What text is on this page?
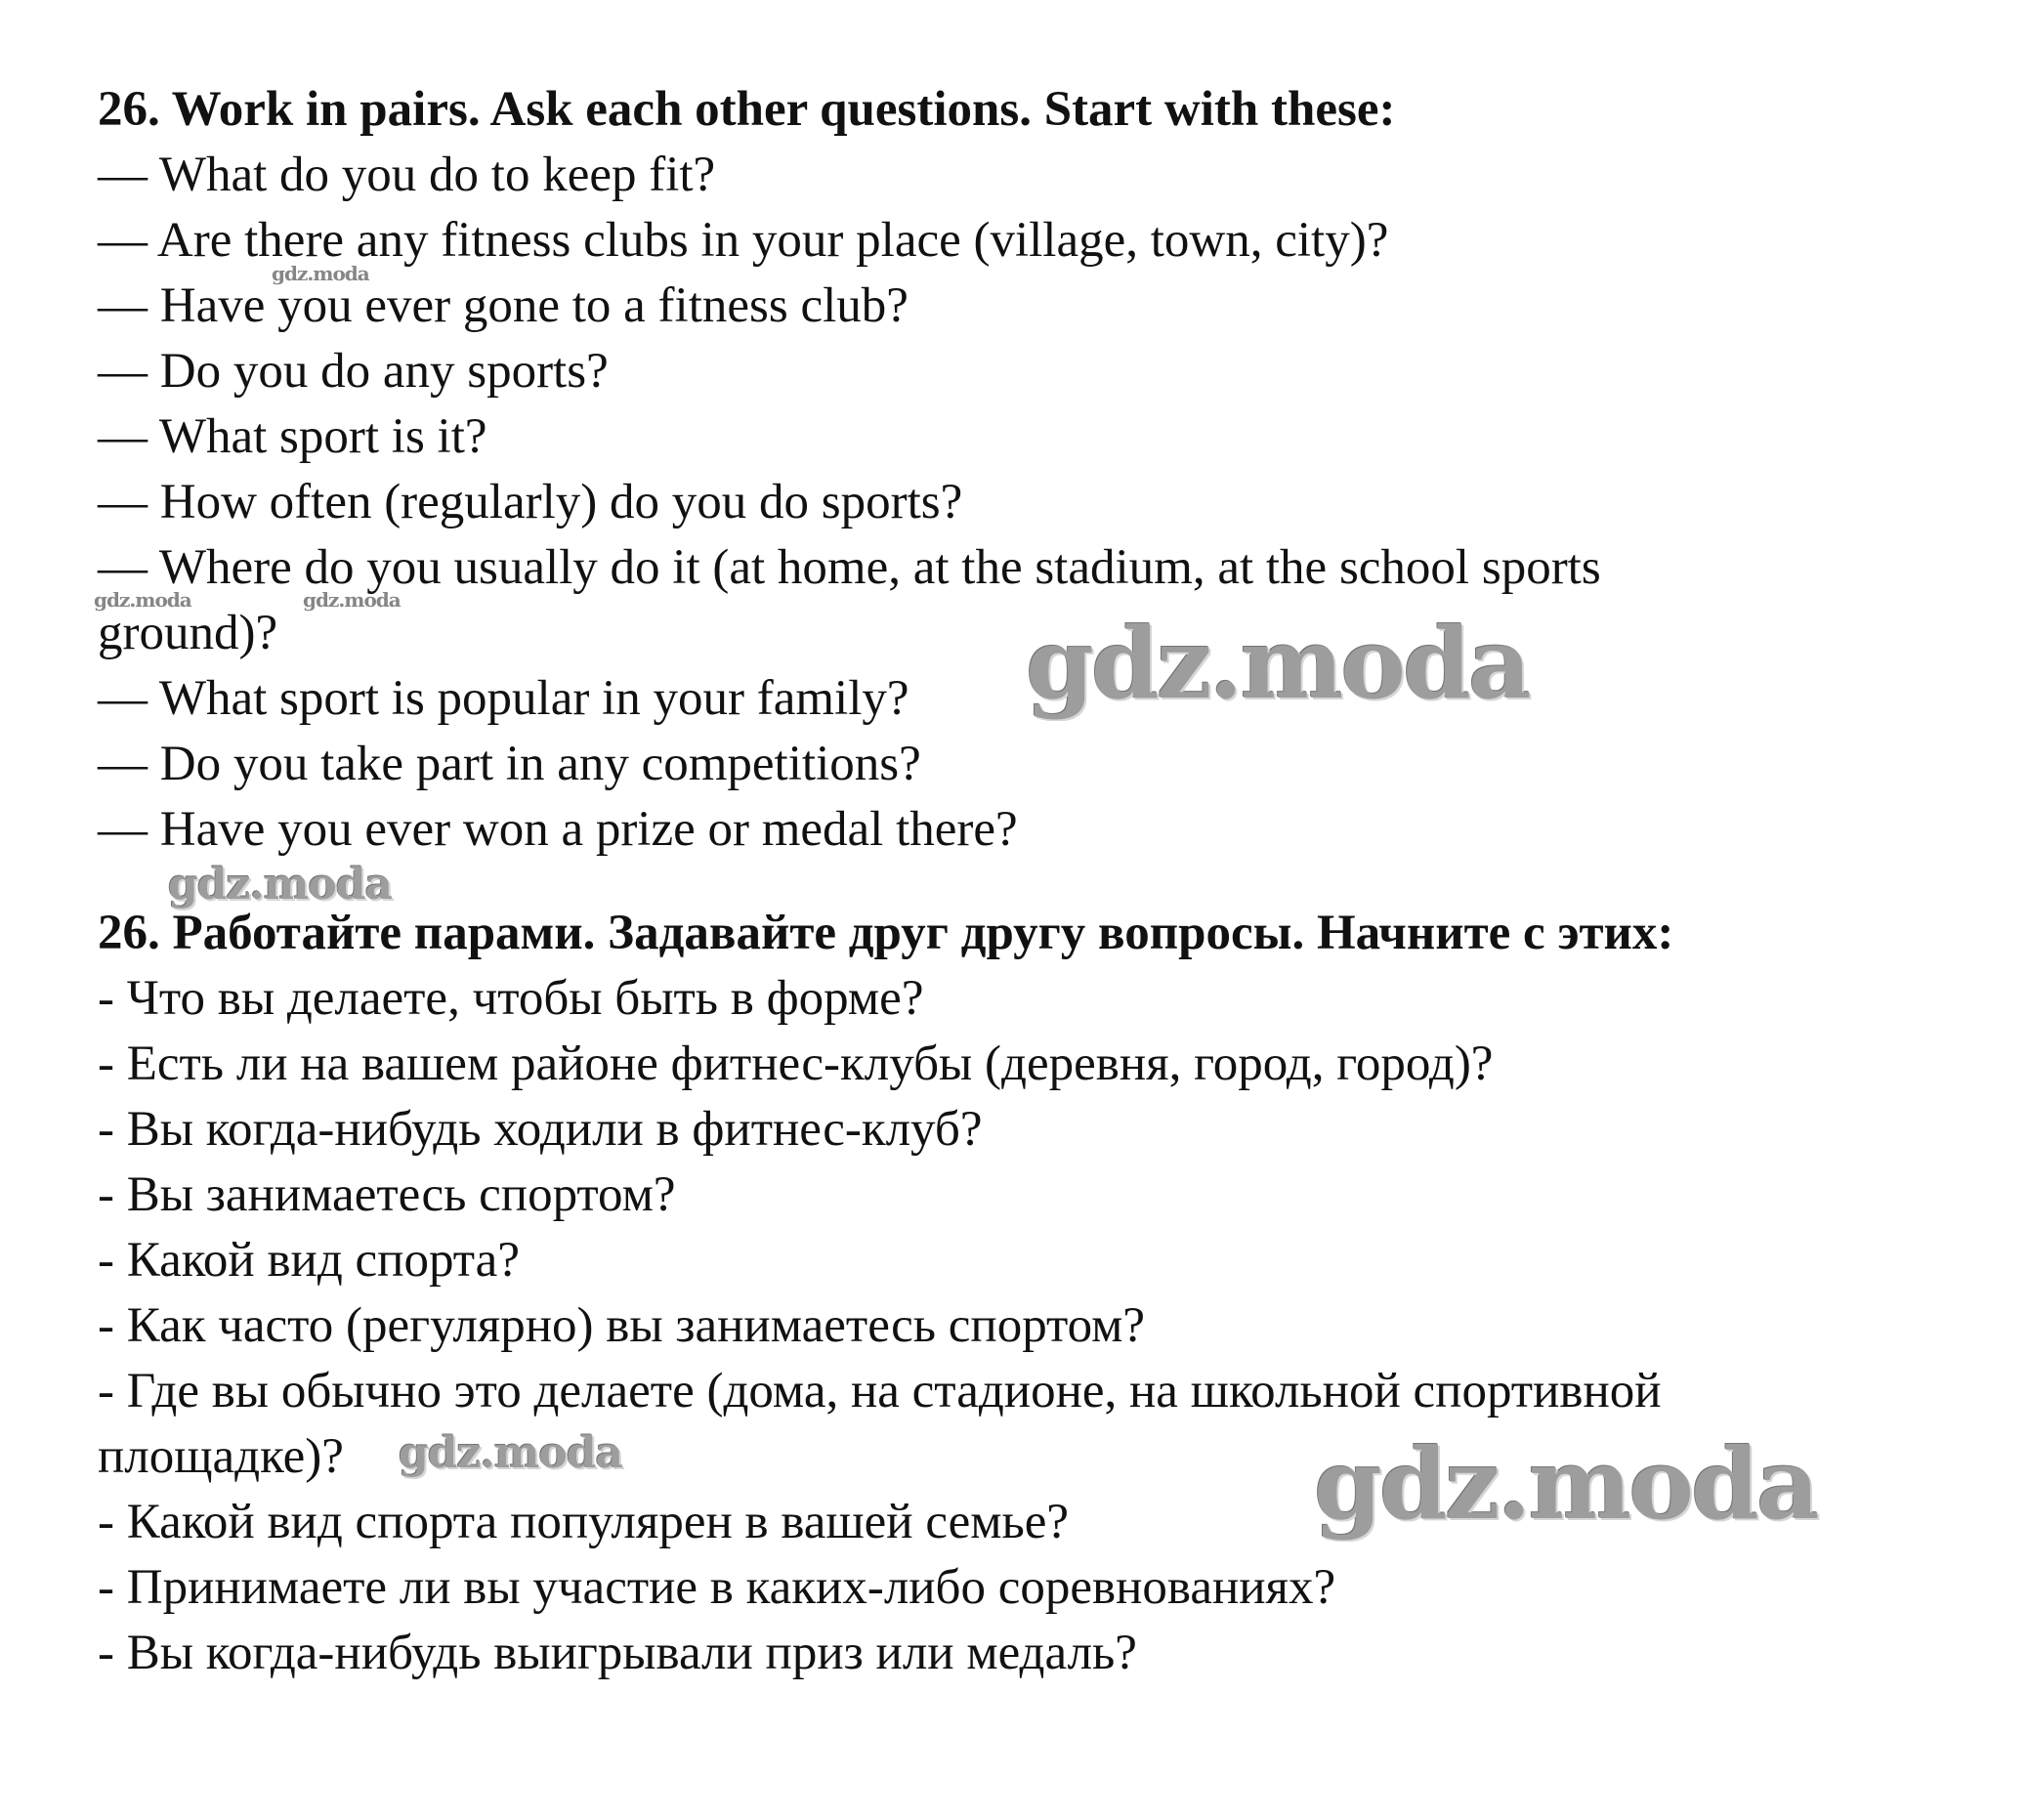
26. Work in pairs. Ask each other questions. Start with these:
— What do you do to keep fit?
— Are there any fitness clubs in your place (village, town, city)?
— Have you ever gone to a fitness club?
— Do you do any sports?
— What sport is it?
— How often (regularly) do you do sports?
— Where do you usually do it (at home, at the stadium, at the school sports
ground)?
— What sport is popular in your family?
— Do you take part in any competitions?
— Have you ever won a prize or medal there?
26. Работайте парами. Задавайте друг другу вопросы. Начните с этих:
- Что вы делаете, чтобы быть в форме?
- Есть ли на вашем районе фитнес-клубы (деревня, город, город)?
- Вы когда-нибудь ходили в фитнес-клуб?
- Вы занимаетесь спортом?
- Какой вид спорта?
- Как часто (регулярно) вы занимаетесь спортом?
- Где вы обычно это делаете (дома, на стадионе, на школьной спортивной
площадке)?
- Какой вид спорта популярен в вашей семье?
- Принимаете ли вы участие в каких-либо соревнованиях?
- Вы когда-нибудь выигрывали приз или медаль?
gdz.moda
gdz.moda	gdz.moda
gdz.moda
gdz.moda
gdz.moda	gdz.moda
